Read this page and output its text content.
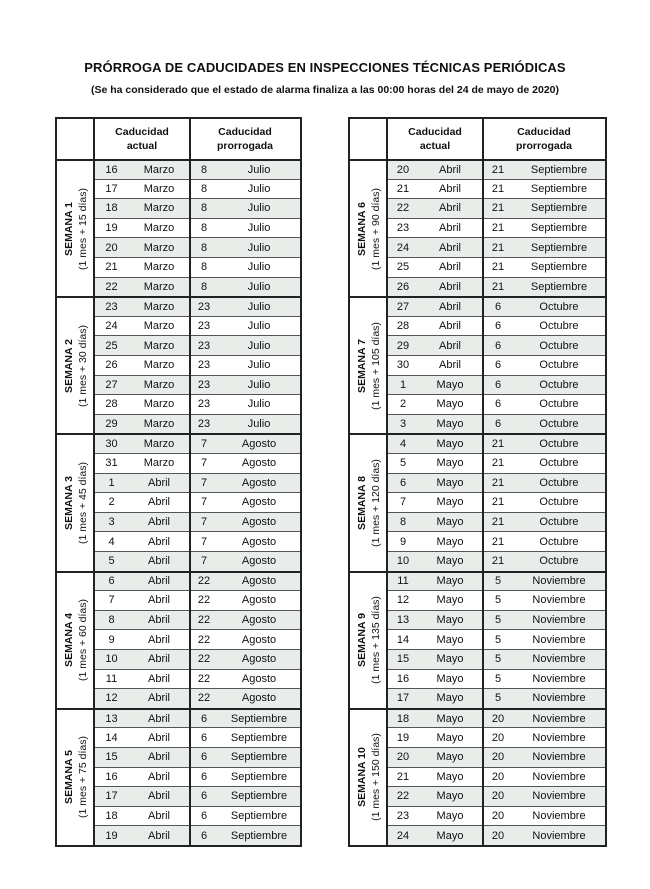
PRÓRROGA DE CADUCIDADES EN INSPECCIONES TÉCNICAS PERIÓDICAS
(Se ha considerado que el estado de alarma finaliza a las 00:00 horas del 24 de mayo de 2020)
Caducidad
actual
Caducidad
prorrogada
SEMANA 1 (1 mes + 15 días)
16	Marzo	8	Julio
17	Marzo	8	Julio
18	Marzo	8	Julio
19	Marzo	8	Julio
20	Marzo	8	Julio
21	Marzo	8	Julio
22	Marzo	8	Julio
SEMANA 2 (1 mes + 30 días)
23	Marzo	23	Julio
24	Marzo	23	Julio
25	Marzo	23	Julio
26	Marzo	23	Julio
27	Marzo	23	Julio
28	Marzo	23	Julio
29	Marzo	23	Julio
SEMANA 3 (1 mes + 45 días)
30	Marzo	7	Agosto
31	Marzo	7	Agosto
1	Abril	7	Agosto
2	Abril	7	Agosto
3	Abril	7	Agosto
4	Abril	7	Agosto
5	Abril	7	Agosto
SEMANA 4 (1 mes + 60 días)
6	Abril	22	Agosto
7	Abril	22	Agosto
8	Abril	22	Agosto
9	Abril	22	Agosto
10	Abril	22	Agosto
11	Abril	22	Agosto
12	Abril	22	Agosto
SEMANA 5 (1 mes + 75 días)
13	Abril	6	Septiembre
14	Abril	6	Septiembre
15	Abril	6	Septiembre
16	Abril	6	Septiembre
17	Abril	6	Septiembre
18	Abril	6	Septiembre
19	Abril	6	Septiembre
Caducidad
actual
Caducidad
prorrogada
SEMANA 6 (1 mes + 90 días)
20	Abril	21	Septiembre
21	Abril	21	Septiembre
22	Abril	21	Septiembre
23	Abril	21	Septiembre
24	Abril	21	Septiembre
25	Abril	21	Septiembre
26	Abril	21	Septiembre
SEMANA 7 (1 mes + 105 días)
27	Abril	6	Octubre
28	Abril	6	Octubre
29	Abril	6	Octubre
30	Abril	6	Octubre
1	Mayo	6	Octubre
2	Mayo	6	Octubre
3	Mayo	6	Octubre
SEMANA 8 (1 mes + 120 días)
4	Mayo	21	Octubre
5	Mayo	21	Octubre
6	Mayo	21	Octubre
7	Mayo	21	Octubre
8	Mayo	21	Octubre
9	Mayo	21	Octubre
10	Mayo	21	Octubre
SEMANA 9 (1 mes + 135 días)
11	Mayo	5	Noviembre
12	Mayo	5	Noviembre
13	Mayo	5	Noviembre
14	Mayo	5	Noviembre
15	Mayo	5	Noviembre
16	Mayo	5	Noviembre
17	Mayo	5	Noviembre
SEMANA 10 (1 mes + 150 días)
18	Mayo	20	Noviembre
19	Mayo	20	Noviembre
20	Mayo	20	Noviembre
21	Mayo	20	Noviembre
22	Mayo	20	Noviembre
23	Mayo	20	Noviembre
24	Mayo	20	Noviembre
